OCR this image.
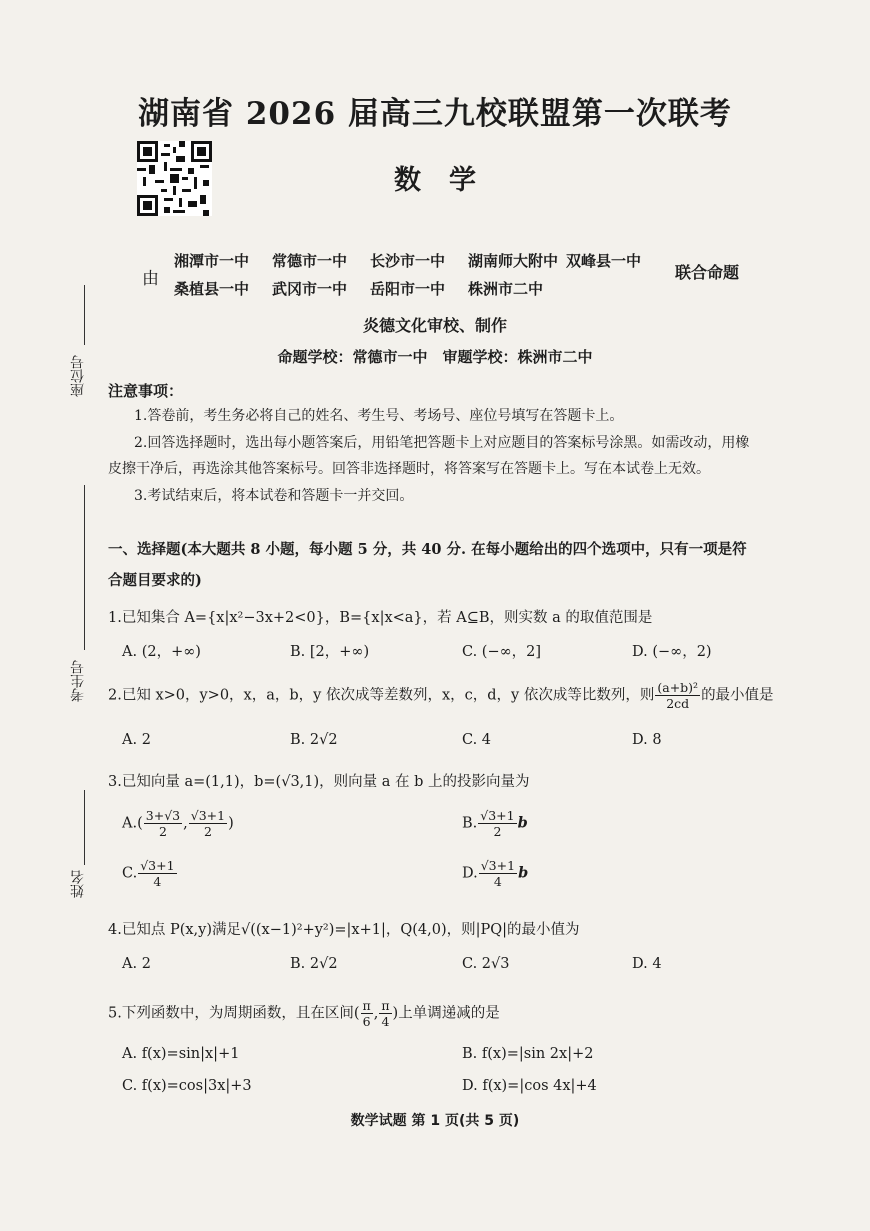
座位号
考生号
姓名
湖南省 2026 届高三九校联盟第一次联考
数学
由
湘潭市一中	常德市一中	长沙市一中	湖南师大附中 双峰县一中
桑植县一中	武冈市一中	岳阳市一中	株洲市二中
联合命题
炎德文化审校、制作
命题学校：常德市一中　审题学校：株洲市二中
注意事项：
1.答卷前，考生务必将自己的姓名、考生号、考场号、座位号填写在答题卡上。
2.回答选择题时，选出每小题答案后，用铅笔把答题卡上对应题目的答案标号涂黑。如需改动，用橡
皮擦干净后，再选涂其他答案标号。回答非选择题时，将答案写在答题卡上。写在本试卷上无效。
3.考试结束后，将本试卷和答题卡一并交回。
一、选择题(本大题共 8 小题，每小题 5 分，共 40 分. 在每小题给出的四个选项中，只有一项是符
合题目要求的)
1.已知集合 A={x|x²−3x+2<0}，B={x|x<a}，若 A⊆B，则实数 a 的取值范围是
A. (2，+∞)	B. [2，+∞)	C. (−∞，2]	D. (−∞，2)
2.已知 x>0，y>0，x，a，b，y 依次成等差数列，x，c，d，y 依次成等比数列，则 $\frac{\text{(a+b)²}}{2cd}$ 的最小值是
A. 2	B. 2√2	C. 4	D. 8
3.已知向量 a=(1,1)，b=(√3,1)，则向量 a 在 b 上的投影向量为
$A.( \frac{3+√3}{2}$ , $\frac{√3+1}{2}$ )	B. $\frac{√3+1}{2}$ b
C. $\frac{√3+1}{4}$	D. $\frac{√3+1}{4}$ b
4.已知点 P(x,y)满足√((x−1)²+y²)=|x+1|，Q(4,0)，则|PQ|的最小值为
A. 2	B. 2√2	C. 2√3	D. 4
5.下列函数中，为周期函数，且在区间( $\frac{\pi}{6}$ , $\frac{\pi}{4}$ )上单调递减的是
A. f(x)=sin|x|+1	B. f(x)=|sin 2x|+2
C. f(x)=cos|3x|+3	D. f(x)=|cos 4x|+4
数学试题 第 1 页(共 5 页)
